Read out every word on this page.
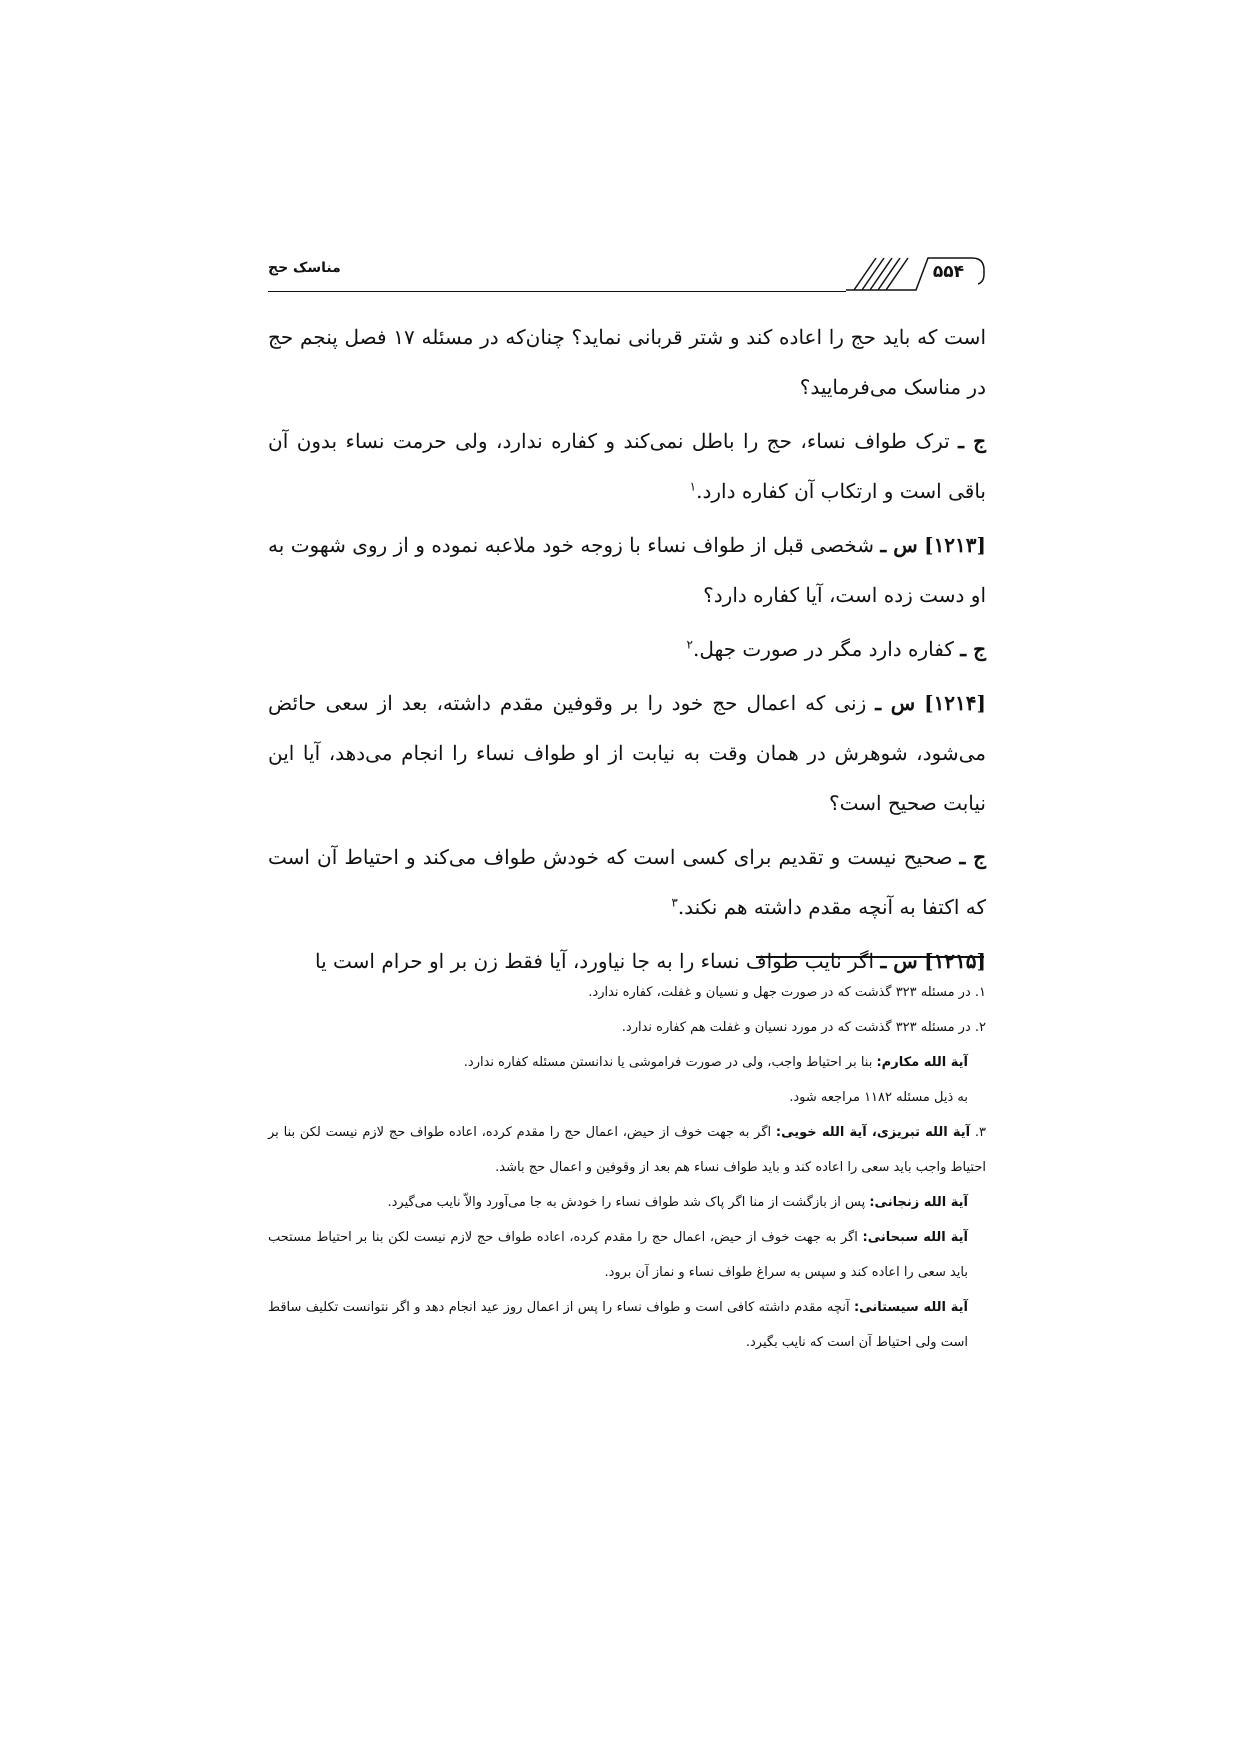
مناسک حج	۵۵۴

است که باید حج را اعاده کند و شتر قربانی نماید؟ چنان‌که در مسئله ۱۷ فصل پنجم حج در مناسک می‌فرمایید؟

ج ـ ترک طواف نساء، حج را باطل نمی‌کند و کفاره ندارد، ولی حرمت نساء بدون آن باقی است و ارتکاب آن کفاره دارد.$^۱$

[۱۲۱۳] س ـ شخصی قبل از طواف نساء با زوجه خود ملاعبه نموده و از روی شهوت به او دست زده است، آیا کفاره دارد؟

ج ـ کفاره دارد مگر در صورت جهل.$^۲$

[۱۲۱۴] س ـ زنی که اعمال حج خود را بر وقوفین مقدم داشته، بعد از سعی حائض می‌شود، شوهرش در همان وقت به نیابت از او طواف نساء را انجام می‌دهد، آیا این نیابت صحیح است؟

ج ـ صحیح نیست و تقدیم برای کسی است که خودش طواف می‌کند و احتیاط آن است که اکتفا به آنچه مقدم داشته هم نکند.$^۳$

[۱۲۱۵] س ـ اگر نایب طواف نساء را به جا نیاورد، آیا فقط زن بر او حرام است یا

۱. در مسئله ۳۲۳ گذشت که در صورت جهل و نسیان و غفلت، کفاره ندارد.

۲. در مسئله ۳۲۳ گذشت که در مورد نسیان و غفلت هم کفاره ندارد.

آیة الله مکارم: بنا بر احتیاط واجب، ولی در صورت فراموشی یا ندانستن مسئله کفاره ندارد.

به ذیل مسئله ۱۱۸۲ مراجعه شود.

۳. آیة الله تبریزی، آیة الله خویی: اگر به جهت خوف از حیض، اعمال حج را مقدم کرده، اعاده طواف حج لازم نیست لکن بنا بر احتیاط واجب باید سعی را اعاده کند و باید طواف نساء هم بعد از وقوفین و اعمال حج باشد.

آیة الله زنجانی: پس از بازگشت از منا اگر پاک شد طواف نساء را خودش به جا می‌آورد والاّ نایب می‌گیرد.

آیة الله سبحانی: اگر به جهت خوف از حیض، اعمال حج را مقدم کرده، اعاده طواف حج لازم نیست لکن بنا بر احتیاط مستحب باید سعی را اعاده کند و سپس به سراغ طواف نساء و نماز آن برود.

آیة الله سیستانی: آنچه مقدم داشته کافی است و طواف نساء را پس از اعمال روز عید انجام دهد و اگر نتوانست تکلیف ساقط است ولی احتیاط آن است که نایب بگیرد.
